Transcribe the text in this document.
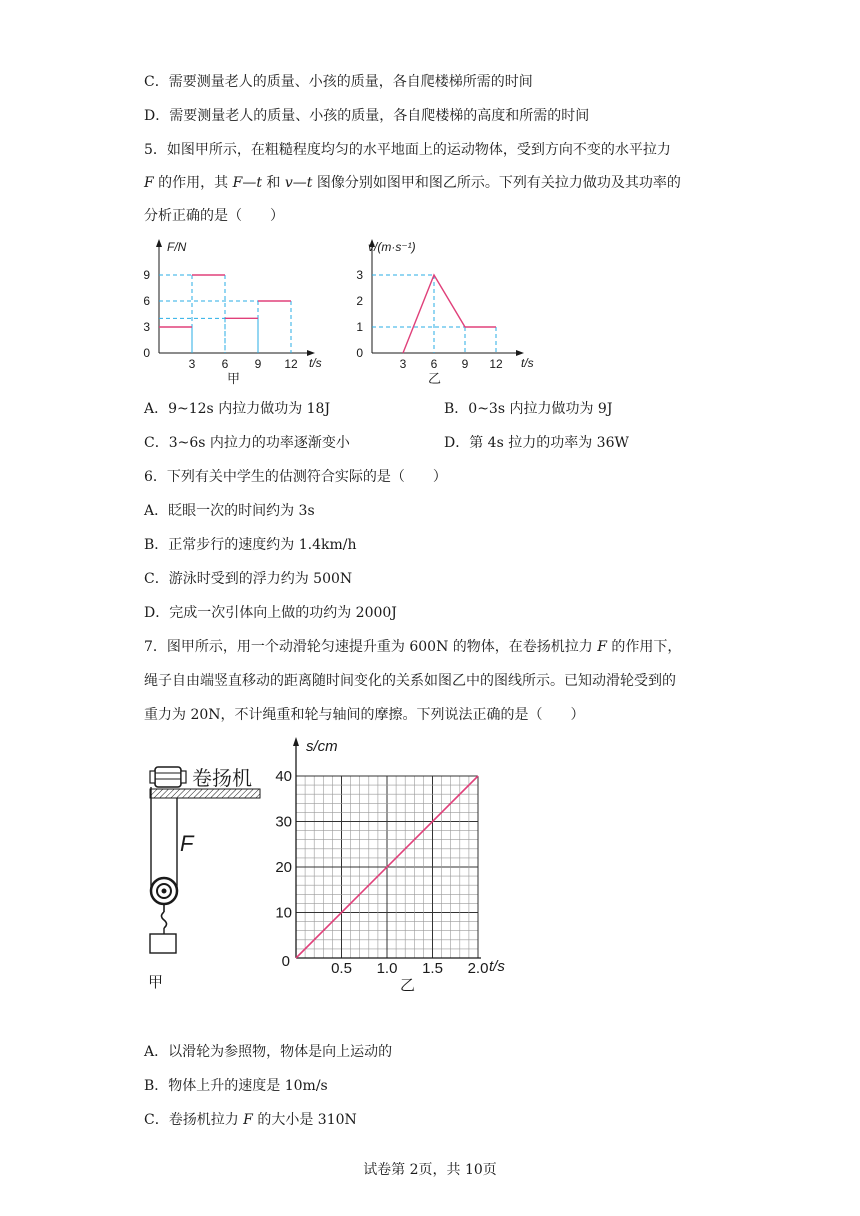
C．需要测量老人的质量、小孩的质量，各自爬楼梯所需的时间
D．需要测量老人的质量、小孩的质量，各自爬楼梯的高度和所需的时间
5．如图甲所示，在粗糙程度均匀的水平地面上的运动物体，受到方向不变的水平拉力
F 的作用，其 F—t 和 v—t 图像分别如图甲和图乙所示。下列有关拉力做功及其功率的
分析正确的是（　　）
F/N
t/s
3 6 9 12
0
3
6
9
甲
v/(m·s⁻¹)
t/s
3 6 9 12
0
1
2
3
乙
A．9~12s 内拉力做功为 18J	B．0~3s 内拉力做功为 9J
C．3~6s 内拉力的功率逐渐变小	D．第 4s 拉力的功率为 36W
6．下列有关中学生的估测符合实际的是（　　）
A．眨眼一次的时间约为 3s
B．正常步行的速度约为 1.4km/h
C．游泳时受到的浮力约为 500N
D．完成一次引体向上做的功约为 2000J
7．图甲所示，用一个动滑轮匀速提升重为 600N 的物体，在卷扬机拉力 F 的作用下，
绳子自由端竖直移动的距离随时间变化的关系如图乙中的图线所示。已知动滑轮受到的
重力为 20N，不计绳重和轮与轴间的摩擦。下列说法正确的是（　　）
卷扬机
F
甲
s/cm
t/s
0.5 1.0 1.5 2.0
0
10
20
30
40
乙
A．以滑轮为参照物，物体是向上运动的
B．物体上升的速度是 10m/s
C．卷扬机拉力 F 的大小是 310N
试卷第 2页，共 10页
